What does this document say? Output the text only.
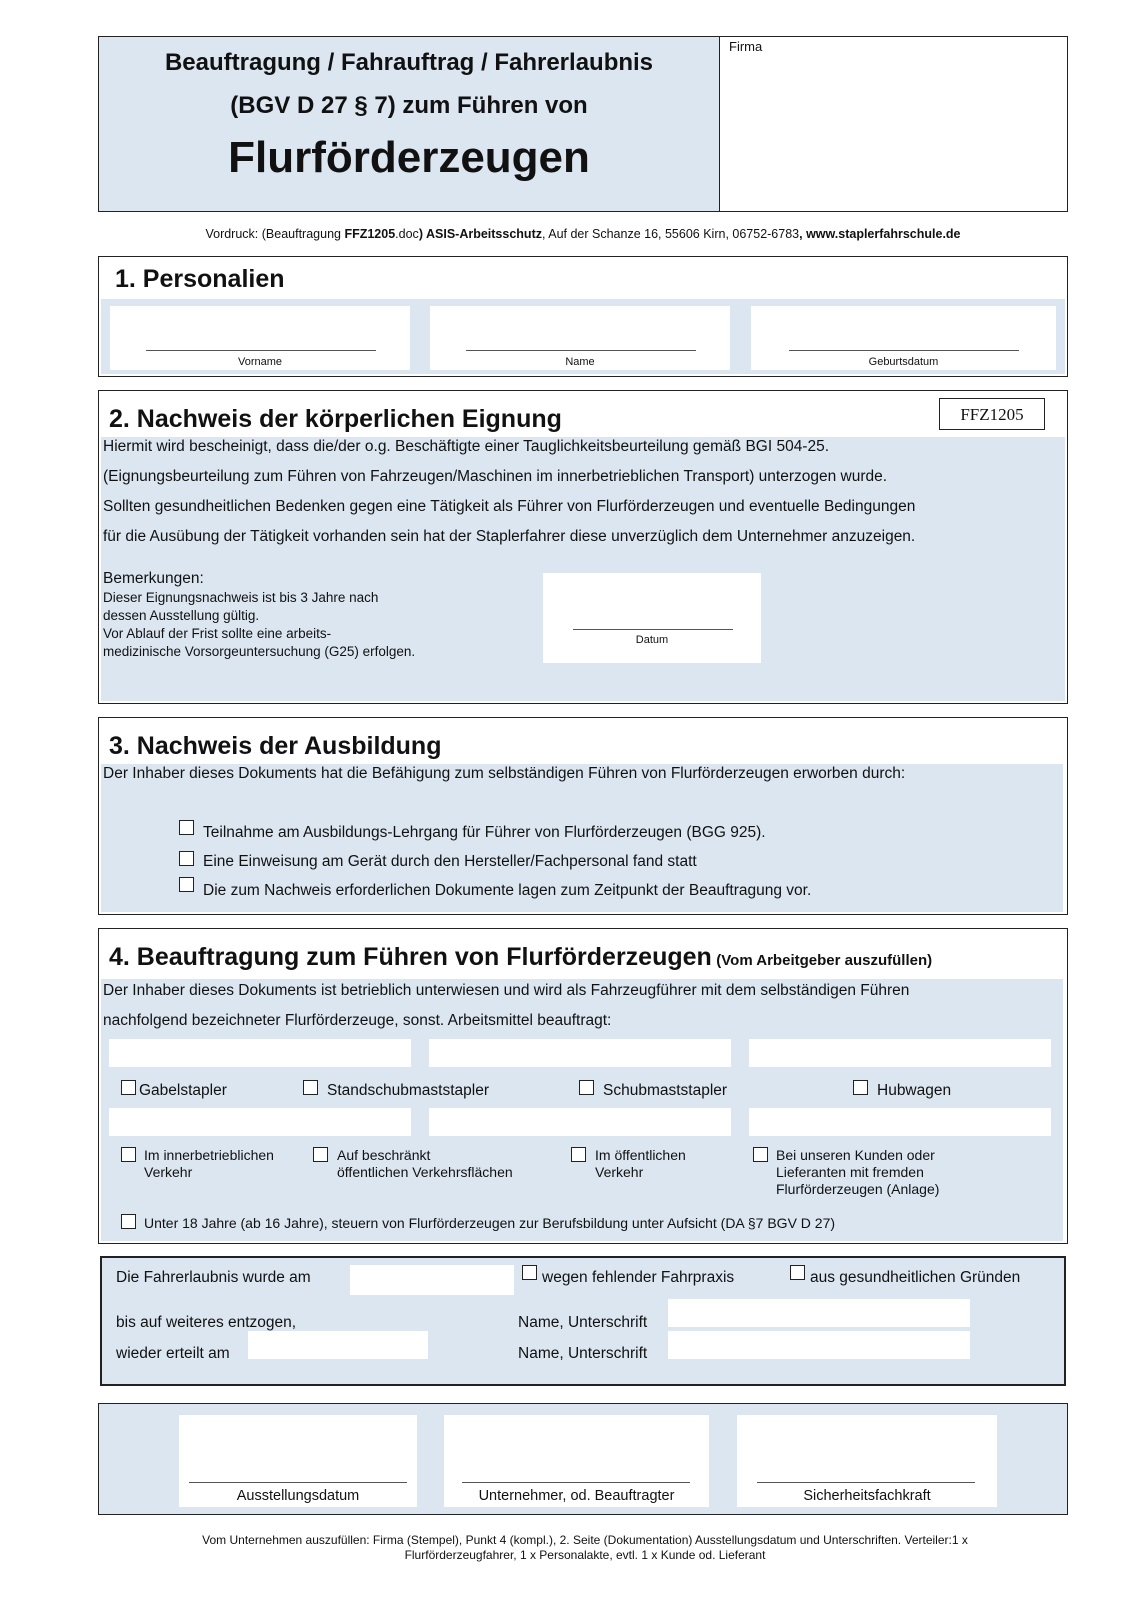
Beauftragung / Fahrauftrag / Fahrerlaubnis
(BGV D 27 § 7) zum Führen von
Flurförderzeugen
Firma
Vordruck: (Beauftragung FFZ1205.doc) ASIS-Arbeitsschutz, Auf der Schanze 16, 55606 Kirn, 06752-6783, www.staplerfahrschule.de
1. Personalien
Vorname	Name	Geburtsdatum
2. Nachweis der körperlichen Eignung	FFZ1205
Hiermit wird bescheinigt, dass die/der o.g. Beschäftigte einer Tauglichkeitsbeurteilung gemäß BGI 504-25.
(Eignungsbeurteilung zum Führen von Fahrzeugen/Maschinen im innerbetrieblichen Transport) unterzogen wurde.
Sollten gesundheitlichen Bedenken gegen eine Tätigkeit als Führer von Flurförderzeugen und eventuelle Bedingungen
für die Ausübung der Tätigkeit vorhanden sein hat der Staplerfahrer diese unverzüglich dem Unternehmer anzuzeigen.
Bemerkungen:
Dieser Eignungsnachweis ist bis 3 Jahre nach
dessen Ausstellung gültig.
Vor Ablauf der Frist sollte eine arbeits-
medizinische Vorsorgeuntersuchung (G25) erfolgen.
Datum
3. Nachweis der Ausbildung
Der Inhaber dieses Dokuments hat die Befähigung zum selbständigen Führen von Flurförderzeugen erworben durch:
Teilnahme am Ausbildungs-Lehrgang für Führer von Flurförderzeugen (BGG 925).
Eine Einweisung am Gerät durch den Hersteller/Fachpersonal fand statt
Die zum Nachweis erforderlichen Dokumente lagen zum Zeitpunkt der Beauftragung vor.
4. Beauftragung zum Führen von Flurförderzeugen (Vom Arbeitgeber auszufüllen)
Der Inhaber dieses Dokuments ist betrieblich unterwiesen und wird als Fahrzeugführer mit dem selbständigen Führen
nachfolgend bezeichneter Flurförderzeuge, sonst. Arbeitsmittel beauftragt:
Gabelstapler	Standschubmaststapler	Schubmaststapler	Hubwagen
Im innerbetrieblichen
Verkehr
Auf beschränkt
öffentlichen Verkehrsflächen
Im öffentlichen
Verkehr
Bei unseren Kunden oder
Lieferanten mit fremden
Flurförderzeugen (Anlage)
Unter 18 Jahre (ab 16 Jahre), steuern von Flurförderzeugen zur Berufsbildung unter Aufsicht (DA §7 BGV D 27)
Die Fahrerlaubnis wurde am	wegen fehlender Fahrpraxis	aus gesundheitlichen Gründen
bis auf weiteres entzogen,	Name, Unterschrift
wieder erteilt am	Name, Unterschrift
Ausstellungsdatum	Unternehmer, od. Beauftragter	Sicherheitsfachkraft
Vom Unternehmen auszufüllen: Firma (Stempel), Punkt 4 (kompl.), 2. Seite (Dokumentation) Ausstellungsdatum und Unterschriften. Verteiler:1 x
Flurförderzeugfahrer, 1 x Personalakte, evtl. 1 x Kunde od. Lieferant
